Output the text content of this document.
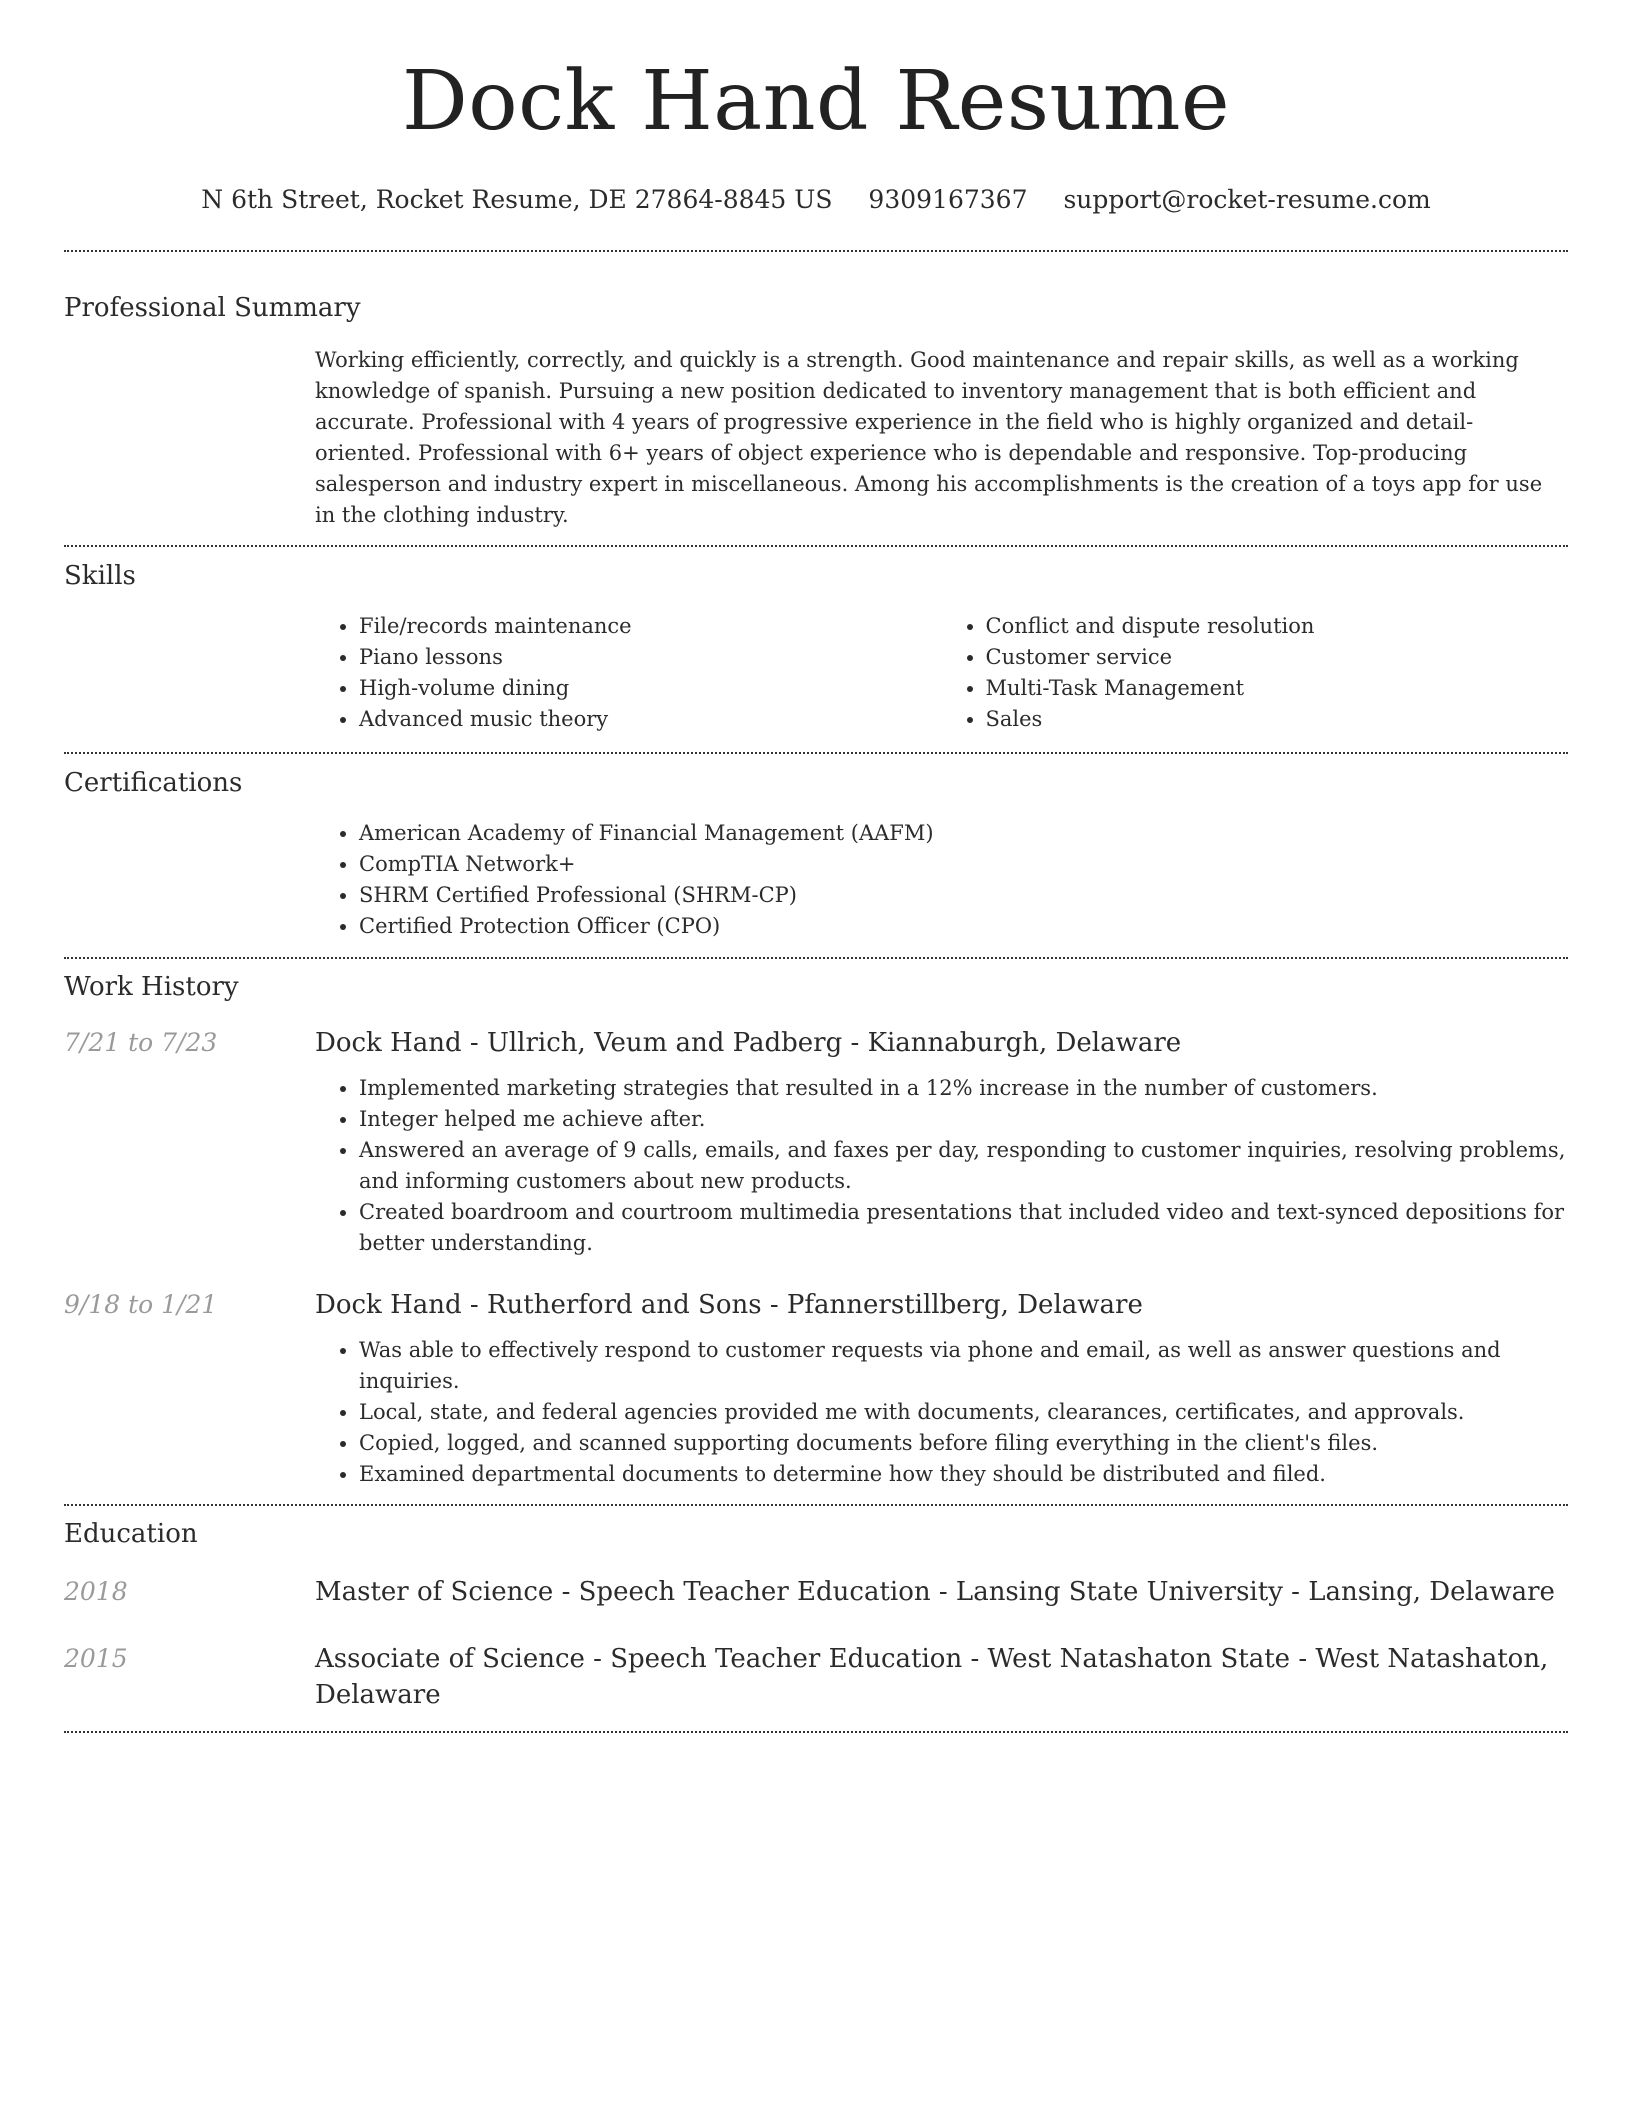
Dock Hand Resume
N 6th Street, Rocket Resume, DE 27864-8845 US 9309167367 support@rocket-resume.com
Professional Summary
Working efficiently, correctly, and quickly is a strength. Good maintenance and repair skills, as well as a working knowledge of spanish. Pursuing a new position dedicated to inventory management that is both efficient and accurate. Professional with 4 years of progressive experience in the field who is highly organized and detail-oriented. Professional with 6+ years of object experience who is dependable and responsive. Top-producing salesperson and industry expert in miscellaneous. Among his accomplishments is the creation of a toys app for use in the clothing industry.
Skills
• File/records maintenance
• Piano lessons
• High-volume dining
• Advanced music theory
• Conflict and dispute resolution
• Customer service
• Multi-Task Management
• Sales
Certifications
• American Academy of Financial Management (AAFM)
• CompTIA Network+
• SHRM Certified Professional (SHRM-CP)
• Certified Protection Officer (CPO)
Work History
7/21 to 7/23	Dock Hand - Ullrich, Veum and Padberg - Kiannaburgh, Delaware
• Implemented marketing strategies that resulted in a 12% increase in the number of customers.
• Integer helped me achieve after.
• Answered an average of 9 calls, emails, and faxes per day, responding to customer inquiries, resolving problems, and informing customers about new products.
• Created boardroom and courtroom multimedia presentations that included video and text-synced depositions for better understanding.
9/18 to 1/21	Dock Hand - Rutherford and Sons - Pfannerstillberg, Delaware
• Was able to effectively respond to customer requests via phone and email, as well as answer questions and inquiries.
• Local, state, and federal agencies provided me with documents, clearances, certificates, and approvals.
• Copied, logged, and scanned supporting documents before filing everything in the client's files.
• Examined departmental documents to determine how they should be distributed and filed.
Education
2018	Master of Science - Speech Teacher Education - Lansing State University - Lansing, Delaware
2015	Associate of Science - Speech Teacher Education - West Natashaton State - West Natashaton, Delaware
